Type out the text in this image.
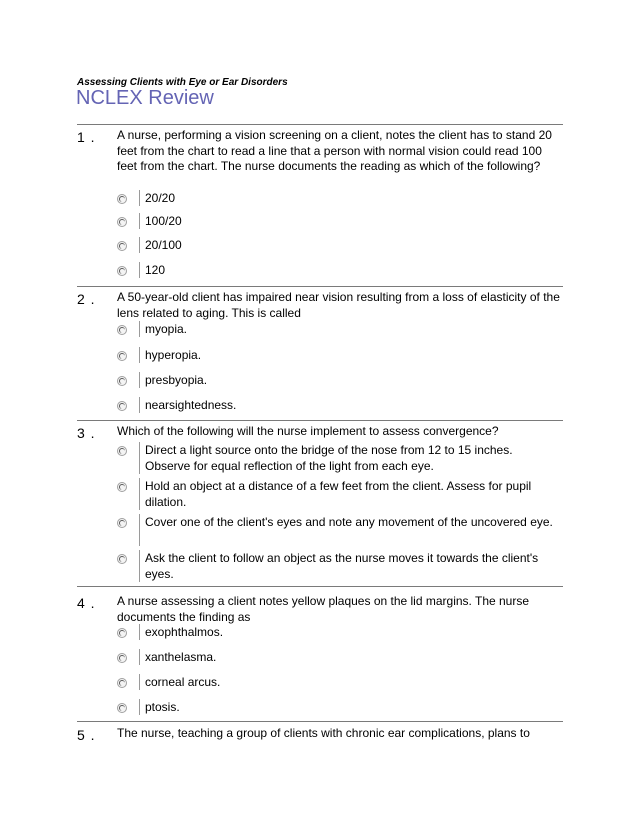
Assessing Clients with Eye or Ear Disorders
NCLEX Review
1 . A nurse, performing a vision screening on a client, notes the client has to stand 20 feet from the chart to read a line that a person with normal vision could read 100 feet from the chart. The nurse documents the reading as which of the following?
20/20
100/20
20/100
120
2 . A 50-year-old client has impaired near vision resulting from a loss of elasticity of the lens related to aging. This is called
myopia.
hyperopia.
presbyopia.
nearsightedness.
3 . Which of the following will the nurse implement to assess convergence?
Direct a light source onto the bridge of the nose from 12 to 15 inches. Observe for equal reflection of the light from each eye.
Hold an object at a distance of a few feet from the client. Assess for pupil dilation.
Cover one of the client's eyes and note any movement of the uncovered eye.
Ask the client to follow an object as the nurse moves it towards the client's eyes.
4 . A nurse assessing a client notes yellow plaques on the lid margins. The nurse documents the finding as
exophthalmos.
xanthelasma.
corneal arcus.
ptosis.
5 . The nurse, teaching a group of clients with chronic ear complications, plans to
